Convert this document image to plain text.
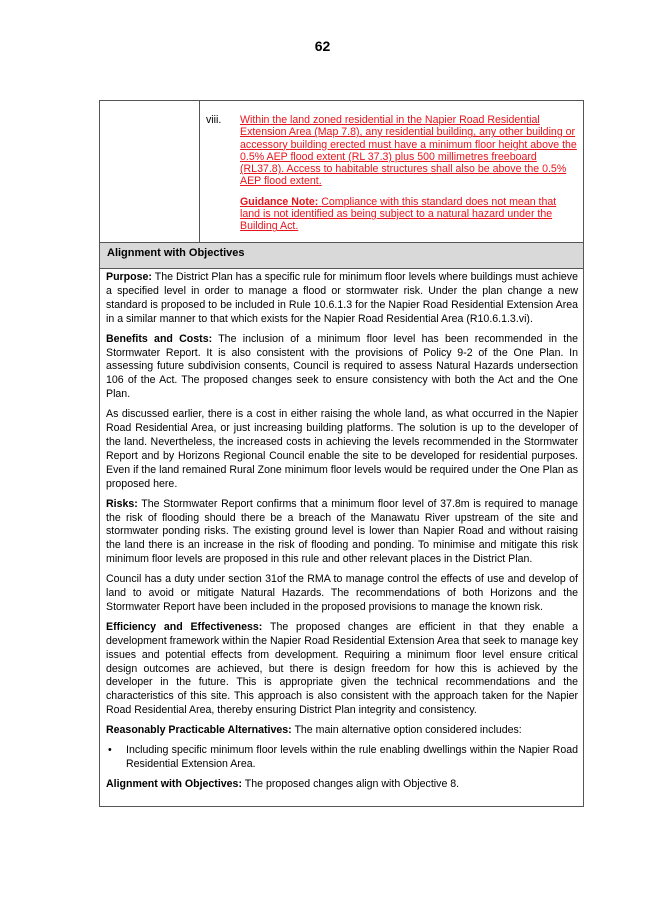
62
viii. Within the land zoned residential in the Napier Road Residential Extension Area (Map 7.8), any residential building, any other building or accessory building erected must have a minimum floor height above the 0.5% AEP flood extent (RL 37.3) plus 500 millimetres freeboard (RL37.8). Access to habitable structures shall also be above the 0.5% AEP flood extent.

Guidance Note: Compliance with this standard does not mean that land is not identified as being subject to a natural hazard under the Building Act.

Alignment with Objectives

Purpose: The District Plan has a specific rule for minimum floor levels where buildings must achieve a specified level in order to manage a flood or stormwater risk. Under the plan change a new standard is proposed to be included in Rule 10.6.1.3 for the Napier Road Residential Extension Area in a similar manner to that which exists for the Napier Road Residential Area (R10.6.1.3.vi).

Benefits and Costs: The inclusion of a minimum floor level has been recommended in the Stormwater Report. It is also consistent with the provisions of Policy 9-2 of the One Plan. In assessing future subdivision consents, Council is required to assess Natural Hazards undersection 106 of the Act. The proposed changes seek to ensure consistency with both the Act and the One Plan.

As discussed earlier, there is a cost in either raising the whole land, as what occurred in the Napier Road Residential Area, or just increasing building platforms. The solution is up to the developer of the land. Nevertheless, the increased costs in achieving the levels recommended in the Stormwater Report and by Horizons Regional Council enable the site to be developed for residential purposes. Even if the land remained Rural Zone minimum floor levels would be required under the One Plan as proposed here.

Risks: The Stormwater Report confirms that a minimum floor level of 37.8m is required to manage the risk of flooding should there be a breach of the Manawatu River upstream of the site and stormwater ponding risks. The existing ground level is lower than Napier Road and without raising the land there is an increase in the risk of flooding and ponding. To minimise and mitigate this risk minimum floor levels are proposed in this rule and other relevant places in the District Plan.

Council has a duty under section 31of the RMA to manage control the effects of use and develop of land to avoid or mitigate Natural Hazards. The recommendations of both Horizons and the Stormwater Report have been included in the proposed provisions to manage the known risk.

Efficiency and Effectiveness: The proposed changes are efficient in that they enable a development framework within the Napier Road Residential Extension Area that seek to manage key issues and potential effects from development. Requiring a minimum floor level ensure critical design outcomes are achieved, but there is design freedom for how this is achieved by the developer in the future. This is appropriate given the technical recommendations and the characteristics of this site. This approach is also consistent with the approach taken for the Napier Road Residential Area, thereby ensuring District Plan integrity and consistency.

Reasonably Practicable Alternatives: The main alternative option considered includes:

• Including specific minimum floor levels within the rule enabling dwellings within the Napier Road Residential Extension Area.

Alignment with Objectives: The proposed changes align with Objective 8.
